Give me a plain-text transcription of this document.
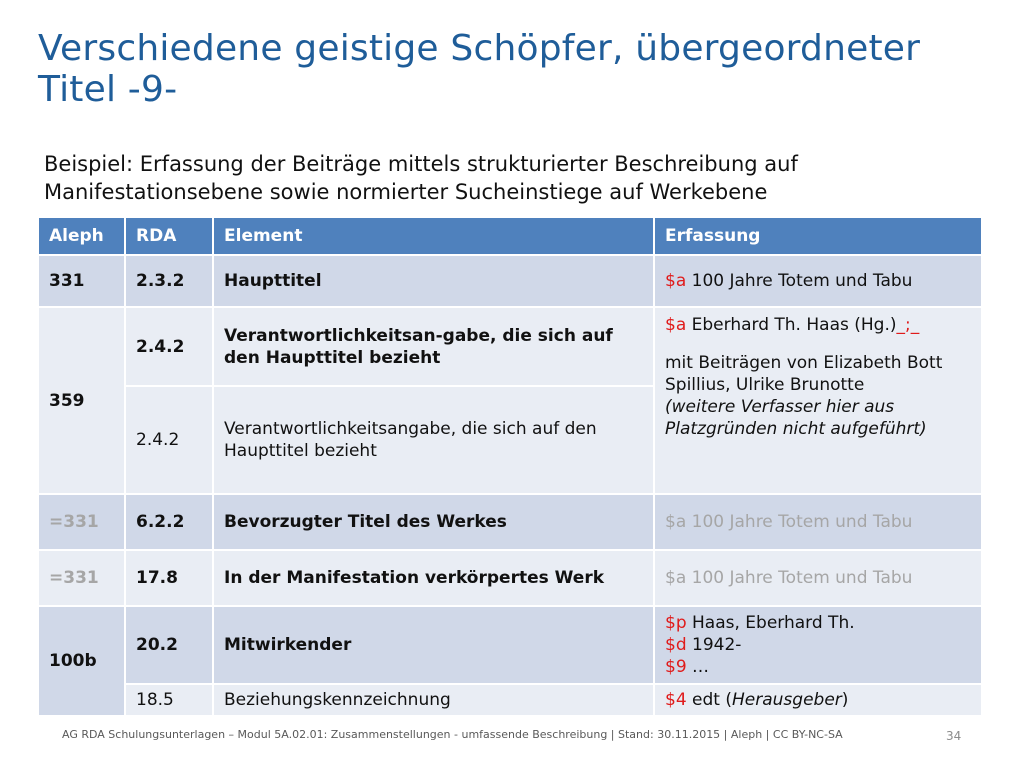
Verschiedene geistige Schöpfer, übergeordneter Titel -9-
Beispiel: Erfassung der Beiträge mittels strukturierter Beschreibung auf Manifestationsebene sowie normierter Sucheinstiege auf Werkebene
Aleph	RDA	Element	Erfassung
331	2.3.2	Haupttitel	$a 100 Jahre Totem und Tabu
359	2.4.2	Verantwortlichkeitsan-gabe, die sich auf den Haupttitel bezieht	$a Eberhard Th. Haas (Hg.)_;_
mit Beiträgen von Elizabeth Bott Spillius, Ulrike Brunotte
(weitere Verfasser hier aus Platzgründen nicht aufgeführt)

	2.4.2	Verantwortlichkeitsangabe, die sich auf den Haupttitel bezieht	
=331	6.2.2	Bevorzugter Titel des Werkes	$a 100 Jahre Totem und Tabu
=331	17.8	In der Manifestation verkörpertes Werk	$a 100 Jahre Totem und Tabu
100b	20.2	Mitwirkender	$p Haas, Eberhard Th.
$d 1942-
$9 …

	18.5	Beziehungskennzeichnung	$4 edt (Herausgeber)
AG RDA Schulungsunterlagen – Modul 5A.02.01: Zusammenstellungen - umfassende Beschreibung | Stand: 30.11.2015 | Aleph | CC BY-NC-SA	34
